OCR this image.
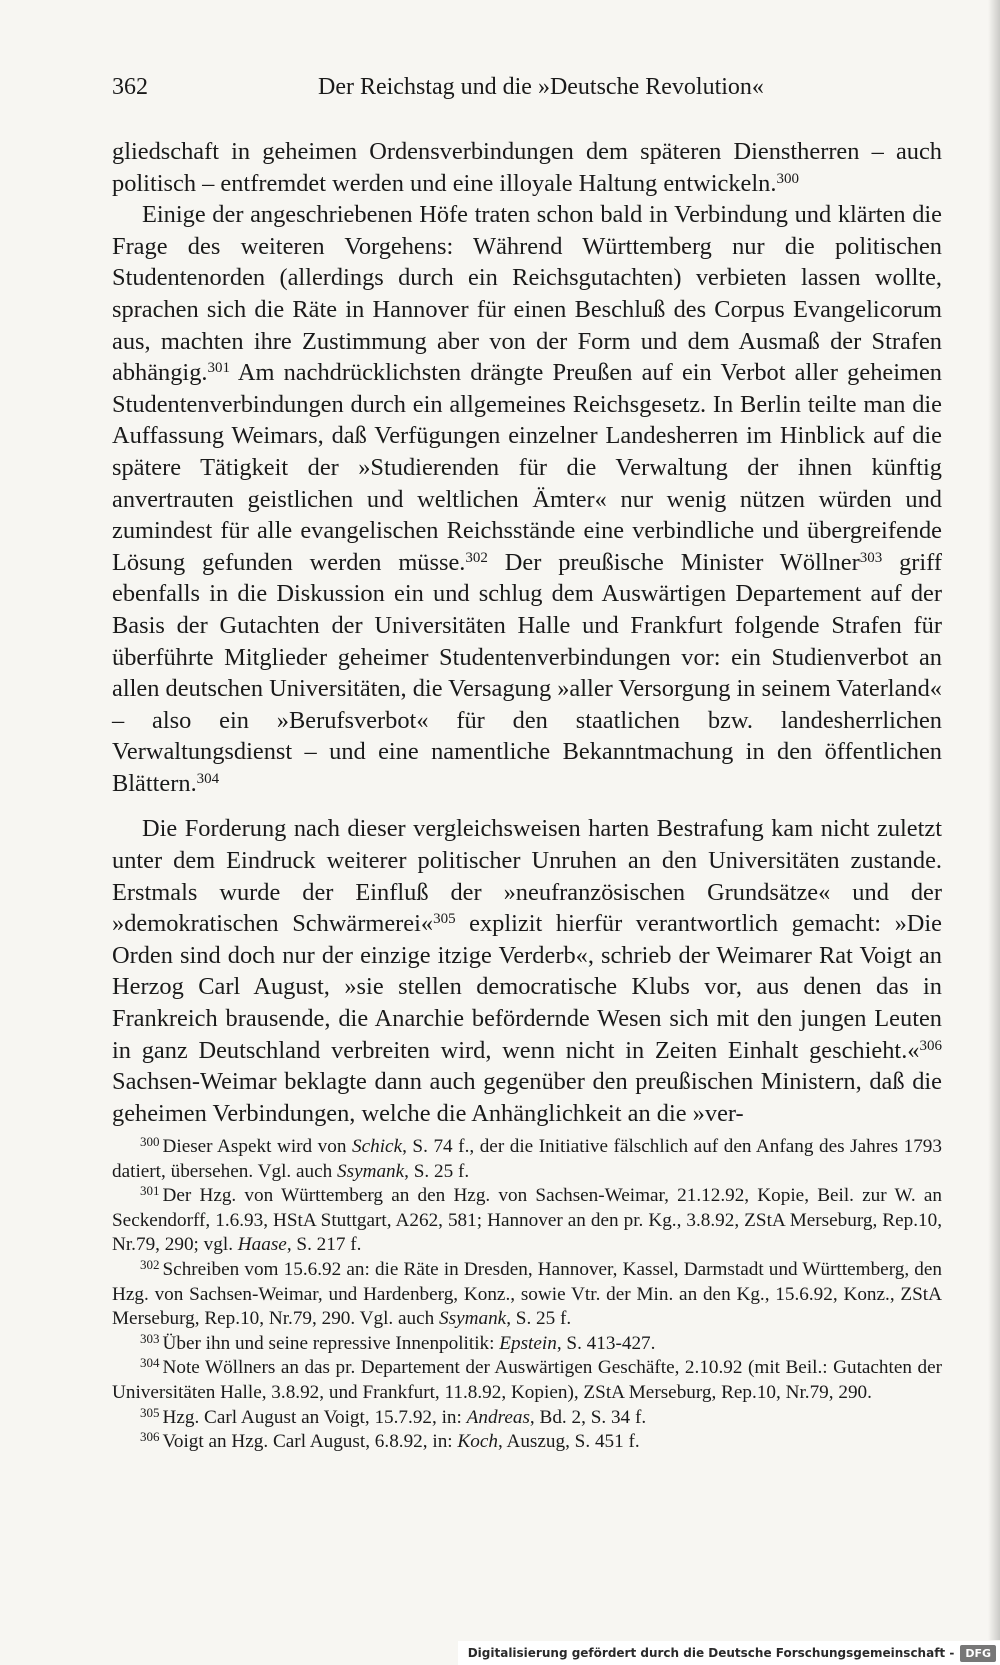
362	Der Reichstag und die »Deutsche Revolution«

gliedschaft in geheimen Ordensverbindungen dem späteren Dienstherren – auch politisch – entfremdet werden und eine illoyale Haltung entwickeln.$^{300}$

Einige der angeschriebenen Höfe traten schon bald in Verbindung und klärten die Frage des weiteren Vorgehens: Während Württemberg nur die politischen Studentenorden (allerdings durch ein Reichsgutachten) verbieten lassen wollte, sprachen sich die Räte in Hannover für einen Beschluß des Corpus Evangelicorum aus, machten ihre Zustimmung aber von der Form und dem Ausmaß der Strafen abhängig.$^{301}$ Am nachdrücklichsten drängte Preußen auf ein Verbot aller geheimen Studentenverbindungen durch ein allgemeines Reichsgesetz. In Berlin teilte man die Auffassung Weimars, daß Verfügungen einzelner Landesherren im Hinblick auf die spätere Tätigkeit der »Studierenden für die Verwaltung der ihnen künftig anvertrauten geistlichen und weltlichen Ämter« nur wenig nützen würden und zumindest für alle evangelischen Reichsstände eine verbindliche und übergreifende Lösung gefunden werden müsse.$^{302}$ Der preußische Minister Wöllner$^{303}$ griff ebenfalls in die Diskussion ein und schlug dem Auswärtigen Departement auf der Basis der Gutachten der Universitäten Halle und Frankfurt folgende Strafen für überführte Mitglieder geheimer Studentenverbindungen vor: ein Studienverbot an allen deutschen Universitäten, die Versagung »aller Versorgung in seinem Vaterland« – also ein »Berufsverbot« für den staatlichen bzw. landesherrlichen Verwaltungsdienst – und eine namentliche Bekanntmachung in den öffentlichen Blättern.$^{304}$

Die Forderung nach dieser vergleichsweisen harten Bestrafung kam nicht zuletzt unter dem Eindruck weiterer politischer Unruhen an den Universitäten zustande. Erstmals wurde der Einfluß der »neufranzösischen Grundsätze« und der »demokratischen Schwärmerei«$^{305}$ explizit hierfür verantwortlich gemacht: »Die Orden sind doch nur der einzige itzige Verderb«, schrieb der Weimarer Rat Voigt an Herzog Carl August, »sie stellen democratische Klubs vor, aus denen das in Frankreich brausende, die Anarchie befördernde Wesen sich mit den jungen Leuten in ganz Deutschland verbreiten wird, wenn nicht in Zeiten Einhalt geschieht.«$^{306}$ Sachsen-Weimar beklagte dann auch gegenüber den preußischen Ministern, daß die geheimen Verbindungen, welche die Anhänglichkeit an die »ver-

$^{300}$ Dieser Aspekt wird von Schick, S. 74 f., der die Initiative fälschlich auf den Anfang des Jahres 1793 datiert, übersehen. Vgl. auch Ssymank, S. 25 f.

$^{301}$ Der Hzg. von Württemberg an den Hzg. von Sachsen-Weimar, 21.12.92, Kopie, Beil. zur W. an Seckendorff, 1.6.93, HStA Stuttgart, A262, 581; Hannover an den pr. Kg., 3.8.92, ZStA Merseburg, Rep.10, Nr.79, 290; vgl. Haase, S. 217 f.

$^{302}$ Schreiben vom 15.6.92 an: die Räte in Dresden, Hannover, Kassel, Darmstadt und Württemberg, den Hzg. von Sachsen-Weimar, und Hardenberg, Konz., sowie Vtr. der Min. an den Kg., 15.6.92, Konz., ZStA Merseburg, Rep.10, Nr.79, 290. Vgl. auch Ssymank, S. 25 f.

$^{303}$ Über ihn und seine repressive Innenpolitik: Epstein, S. 413-427.

$^{304}$ Note Wöllners an das pr. Departement der Auswärtigen Geschäfte, 2.10.92 (mit Beil.: Gutachten der Universitäten Halle, 3.8.92, und Frankfurt, 11.8.92, Kopien), ZStA Merseburg, Rep.10, Nr.79, 290.

$^{305}$ Hzg. Carl August an Voigt, 15.7.92, in: Andreas, Bd. 2, S. 34 f.

$^{306}$ Voigt an Hzg. Carl August, 6.8.92, in: Koch, Auszug, S. 451 f.

Digitalisierung gefördert durch die Deutsche Forschungsgemeinschaft -	DFG
